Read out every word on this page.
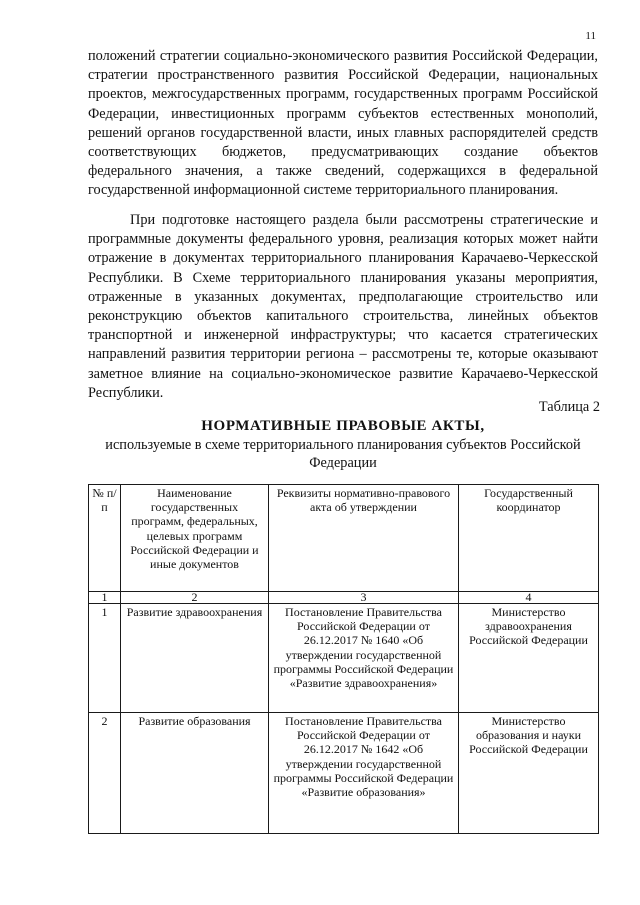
11

положений стратегии социально-экономического развития Российской Федерации, стратегии пространственного развития Российской Федерации, национальных проектов, межгосударственных программ, государственных программ Российской Федерации, инвестиционных программ субъектов естественных монополий, решений органов государственной власти, иных главных распорядителей средств соответствующих бюджетов, предусматривающих создание объектов федерального значения, а также сведений, содержащихся в федеральной государственной информационной системе территориального планирования.

При подготовке настоящего раздела были рассмотрены стратегические и программные документы федерального уровня, реализация которых может найти отражение в документах территориального планирования Карачаево-Черкесской Республики. В Схеме территориального планирования указаны мероприятия, отраженные в указанных документах, предполагающие строительство или реконструкцию объектов капитального строительства, линейных объектов транспортной и инженерной инфраструктуры; что касается стратегических направлений развития территории региона – рассмотрены те, которые оказывают заметное влияние на социально-экономическое развитие Карачаево-Черкесской Республики.

Таблица 2
НОРМАТИВНЫЕ ПРАВОВЫЕ АКТЫ,
используемые в схеме территориального планирования субъектов Российской Федерации
№ п/п	Наименование государственных программ, федеральных, целевых программ Российской Федерации и иные документов	Реквизиты нормативно-правового акта об утверждении	Государственный координатор
1	2	3	4
1	Развитие здравоохранения	Постановление Правительства Российской Федерации от 26.12.2017 № 1640 «Об утверждении государственной программы Российской Федерации «Развитие здравоохранения»	Министерство здравоохранения Российской Федерации
2	Развитие образования	Постановление Правительства Российской Федерации от 26.12.2017 № 1642 «Об утверждении государственной программы Российской Федерации «Развитие образования»	Министерство образования и науки Российской Федерации
